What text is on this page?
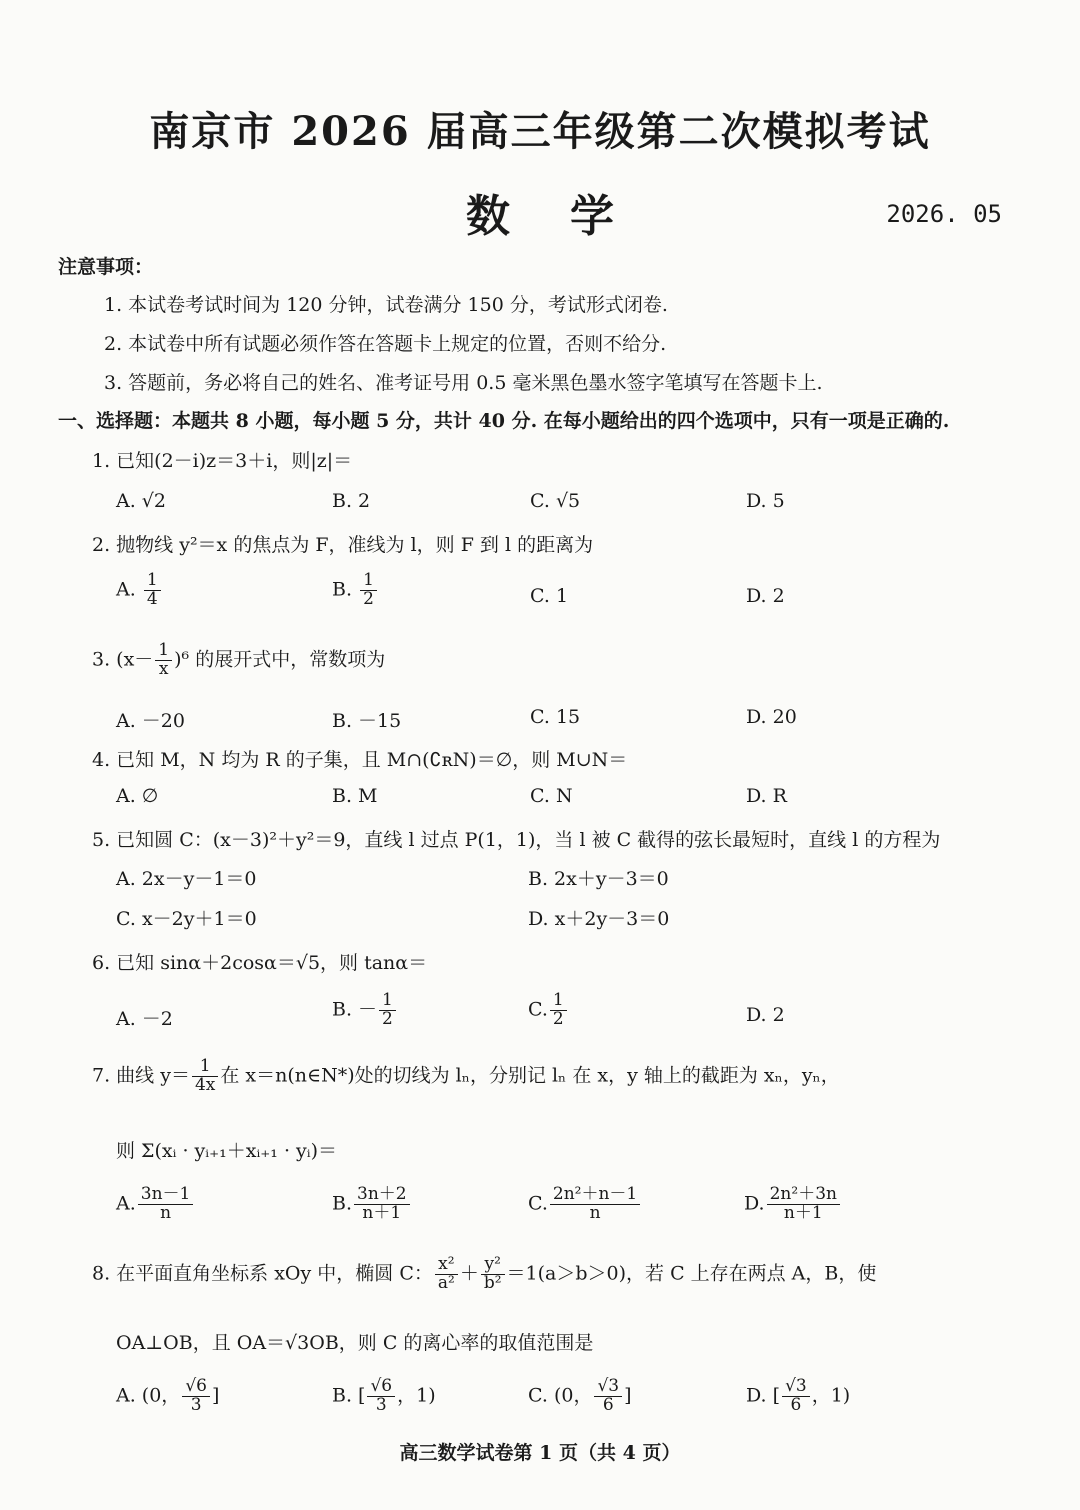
南京市 2026 届高三年级第二次模拟考试
数学	2026. 05
注意事项：
1. 本试卷考试时间为 120 分钟，试卷满分 150 分，考试形式闭卷.
2. 本试卷中所有试题必须作答在答题卡上规定的位置，否则不给分.
3. 答题前，务必将自己的姓名、准考证号用 0.5 毫米黑色墨水签字笔填写在答题卡上.
一、选择题：本题共 8 小题，每小题 5 分，共计 40 分. 在每小题给出的四个选项中，只有一项是正确的.
1. 已知(2－i)z＝3＋i，则|z|＝
A. √2	B. 2	C. √5	D. 5
2. 抛物线 y²＝x 的焦点为 F，准线为 l，则 F 到 l 的距离为
A. $\frac{1}{4}$	B. $\frac{1}{2}$	C. 1	D. 2
3. $(x- \frac{1}{x} )^6$ 的展开式中，常数项为
A. －20	B. －15	C. 15	D. 20
4. 已知 M，N 均为 R 的子集，且 M∩(∁ʀN)＝∅，则 M∪N＝
A. ∅	B. M	C. N	D. R
5. 已知圆 C：(x－3)²＋y²＝9，直线 l 过点 P(1，1)，当 l 被 C 截得的弦长最短时，直线 l 的方程为
A. 2x－y－1＝0	B. 2x＋y－3＝0
C. x－2y＋1＝0	D. x＋2y－3＝0
6. 已知 sinα＋2cosα＝√5，则 tanα＝
A. －2	B. － $\frac{1}{2}$	C. $\frac{1}{2}$	D. 2
7. 曲线 $y= \frac{1}{4x}$ 在 x＝n(n∈N*)处的切线为 lₙ，分别记 lₙ 在 x，y 轴上的截距为 xₙ，yₙ，
则 Σ(xᵢ · yᵢ₊₁＋xᵢ₊₁ · yᵢ)＝
A. $\frac{3n-1}{n}$	B. $\frac{3n+2}{n+1}$	C. $\frac{\text{2n²＋n－1}}{n}$	D. $\frac{\text{2n²＋3n}}{n+1}$
8. 在平面直角坐标系 xOy 中，椭圆 C： $\frac{\text{x²}}{\text{a²}} + \frac{\text{y²}}{\text{b²}} =1(a>b>0)$，若 C 上存在两点 A，B，使
OA⊥OB，且 OA＝√3OB，则 C 的离心率的取值范围是
A. (0， $\frac{√6}{3}$ ]	B. [ $\frac{√6}{3}$ ，1)	C. (0， $\frac{√3}{6}$ ]	D. [ $\frac{√3}{6}$ ，1)
高三数学试卷第 1 页（共 4 页）
